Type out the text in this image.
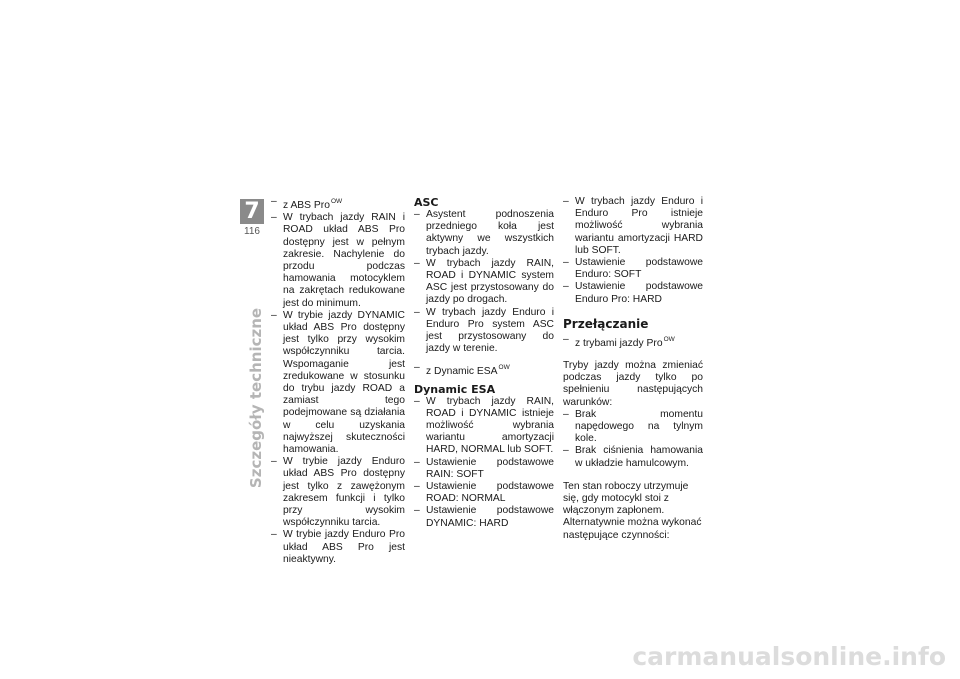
7
116
Szczegóły techniczne
– z ABS Pro$^{OW}$
– W trybach jazdy RAIN i ROAD układ ABS Pro dostępny jest w pełnym zakresie. Nachylenie do przodu podczas hamowania motocyklem na zakrętach redukowane jest do minimum.
– W trybie jazdy DYNAMIC układ ABS Pro dostępny jest tylko przy wysokim współczynniku tarcia. Wspomaganie jest zredukowane w stosunku do trybu jazdy ROAD a zamiast tego podejmowane są działania w celu uzyskania najwyższej skuteczności hamowania.
– W trybie jazdy Enduro układ ABS Pro dostępny jest tylko z zawężonym zakresem funkcji i tylko przy wysokim współczynniku tarcia.
– W trybie jazdy Enduro Pro układ ABS Pro jest nieaktywny.
ASC
– Asystent podnoszenia przedniego koła jest aktywny we wszystkich trybach jazdy.
– W trybach jazdy RAIN, ROAD i DYNAMIC system ASC jest przystosowany do jazdy po drogach.
– W trybach jazdy Enduro i Enduro Pro system ASC jest przystosowany do jazdy w terenie.
– z Dynamic $ESA^{OW}$
Dynamic ESA
– W trybach jazdy RAIN, ROAD i DYNAMIC istnieje możliwość wybrania wariantu amortyzacji HARD, NORMAL lub SOFT.
– Ustawienie podstawowe RAIN: SOFT
– Ustawienie podstawowe ROAD: NORMAL
– Ustawienie podstawowe DYNAMIC: HARD
– W trybach jazdy Enduro i Enduro Pro istnieje możliwość wybrania wariantu amortyzacji HARD lub SOFT.
– Ustawienie podstawowe Enduro: SOFT
– Ustawienie podstawowe Enduro Pro: HARD
Przełączanie
– z trybami jazdy Pro$^{OW}$
Tryby jazdy można zmieniać podczas jazdy tylko po spełnieniu następujących warunków:
– Brak momentu napędowego na tylnym kole.
– Brak ciśnienia hamowania w układzie hamulcowym.
Ten stan roboczy utrzymuje się, gdy motocykl stoi z włączonym zapłonem. Alternatywnie można wykonać następujące czynności:
carmanualsonline.info
